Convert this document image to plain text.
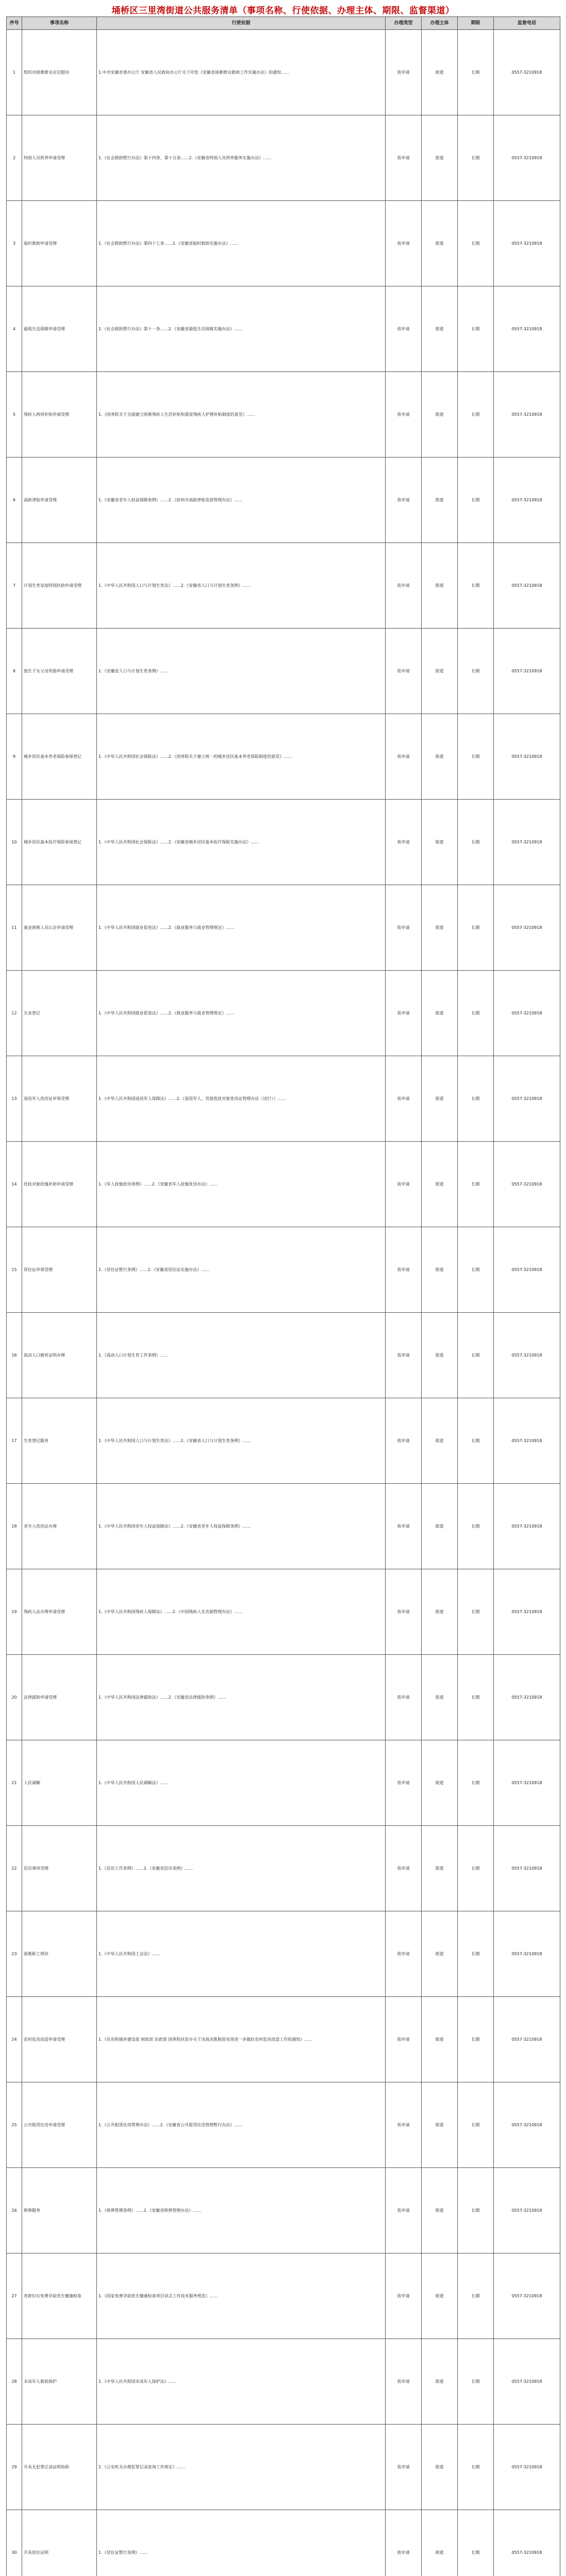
埇桥区三里湾街道公共服务清单（事项名称、行使依据、办理主体、期限、监督渠道）
序号	事项名称	行使依据	办理类型	办理主体	期限	监督电话
1	组织对困难群众走访慰问	1.中共安徽省委办公厅 安徽省人民政府办公厅关于印发《安徽省困难群众救助工作实施办法》的通知……	依申请	街道	长期	0557-3210918
2	特困人员供养申请受理	1.《社会救助暂行办法》第十四条、第十五条……2.《安徽省特困人员供养服务实施办法》……	依申请	街道	长期	0557-3210918
3	临时救助申请受理	1.《社会救助暂行办法》第四十七条……2.《安徽省临时救助实施办法》……	依申请	街道	长期	0557-3210918
4	最低生活保障申请受理	1.《社会救助暂行办法》第十一条……2.《安徽省最低生活保障实施办法》……	依申请	街道	长期	0557-3210918
5	残疾人两项补贴申请受理	1.《国务院关于全面建立困难残疾人生活补贴和重度残疾人护理补贴制度的意见》……	依申请	街道	长期	0557-3210918
6	高龄津贴申请受理	1.《安徽省老年人权益保障条例》……2.《宿州市高龄津贴发放管理办法》……	依申请	街道	长期	0557-3210918
7	计划生育家庭特别扶助申请受理	1.《中华人民共和国人口与计划生育法》……2.《安徽省人口与计划生育条例》……	依申请	街道	长期	0557-3210918
8	独生子女父母奖励申请受理	1.《安徽省人口与计划生育条例》……	依申请	街道	长期	0557-3210918
9	城乡居民基本养老保险参保登记	1.《中华人民共和国社会保险法》……2.《国务院关于建立统一的城乡居民基本养老保险制度的意见》……	依申请	街道	长期	0557-3210918
10	城乡居民基本医疗保险参保登记	1.《中华人民共和国社会保险法》……2.《安徽省城乡居民基本医疗保险实施办法》……	依申请	街道	长期	0557-3210918
11	就业困难人员认定申请受理	1.《中华人民共和国就业促进法》……2.《就业服务与就业管理规定》……	依申请	街道	长期	0557-3210918
12	失业登记	1.《中华人民共和国就业促进法》……2.《就业服务与就业管理规定》……	依申请	街道	长期	0557-3210918
13	退役军人优待证申领受理	1.《中华人民共和国退役军人保障法》……2.《退役军人、其他优抚对象优待证管理办法（试行）》……	依申请	街道	长期	0557-3210918
14	优抚对象抚恤补助申请受理	1.《军人抚恤优待条例》……2.《安徽省军人抚恤优待办法》……	依申请	街道	长期	0557-3210918
15	居住证申领受理	1.《居住证暂行条例》……2.《安徽省居住证实施办法》……	依申请	街道	长期	0557-3210918
16	流动人口婚育证明办理	1.《流动人口计划生育工作条例》……	依申请	街道	长期	0557-3210918
17	生育登记服务	1.《中华人民共和国人口与计划生育法》……2.《安徽省人口与计划生育条例》……	依申请	街道	长期	0557-3210918
18	老年人优待证办理	1.《中华人民共和国老年人权益保障法》……2.《安徽省老年人权益保障条例》……	依申请	街道	长期	0557-3210918
19	残疾人证办理申请受理	1.《中华人民共和国残疾人保障法》……2.《中国残疾人实名制管理办法》……	依申请	街道	长期	0557-3210918
20	法律援助申请受理	1.《中华人民共和国法律援助法》……2.《安徽省法律援助条例》……	依申请	街道	长期	0557-3210918
21	人民调解	1.《中华人民共和国人民调解法》……	依申请	街道	长期	0557-3210918
22	信访事项受理	1.《信访工作条例》……2.《安徽省信访条例》……	依申请	街道	长期	0557-3210918
23	困难职工帮扶	1.《中华人民共和国工会法》……	依申请	街道	长期	0557-3210918
24	农村危房改造申请受理	1.《住房和城乡建设部 财政部 民政部 国务院扶贫办关于决战决胜脱贫攻坚进一步做好农村危房改造工作的通知》……	依申请	街道	长期	0557-3210918
25	公共租赁住房申请受理	1.《公共租赁住房管理办法》……2.《安徽省公共租赁住房管理暂行办法》……	依申请	街道	长期	0557-3210918
26	殡葬服务	1.《殡葬管理条例》……2.《安徽省殡葬管理办法》……	依申请	街道	长期	0557-3210918
27	育龄妇女免费孕前优生健康检查	1.《国家免费孕前优生健康检查项目试点工作技术服务规范》……	依申请	街道	长期	0557-3210918
28	未成年人救助保护	1.《中华人民共和国未成年人保护法》……	依申请	街道	长期	0557-3210918
29	开具无犯罪记录证明协助	1.《公安机关办理犯罪记录查询工作规定》……	依申请	街道	长期	0557-3210918
30	开具居住证明	1.《居住证暂行条例》……	依申请	街道	长期	0557-3210918
